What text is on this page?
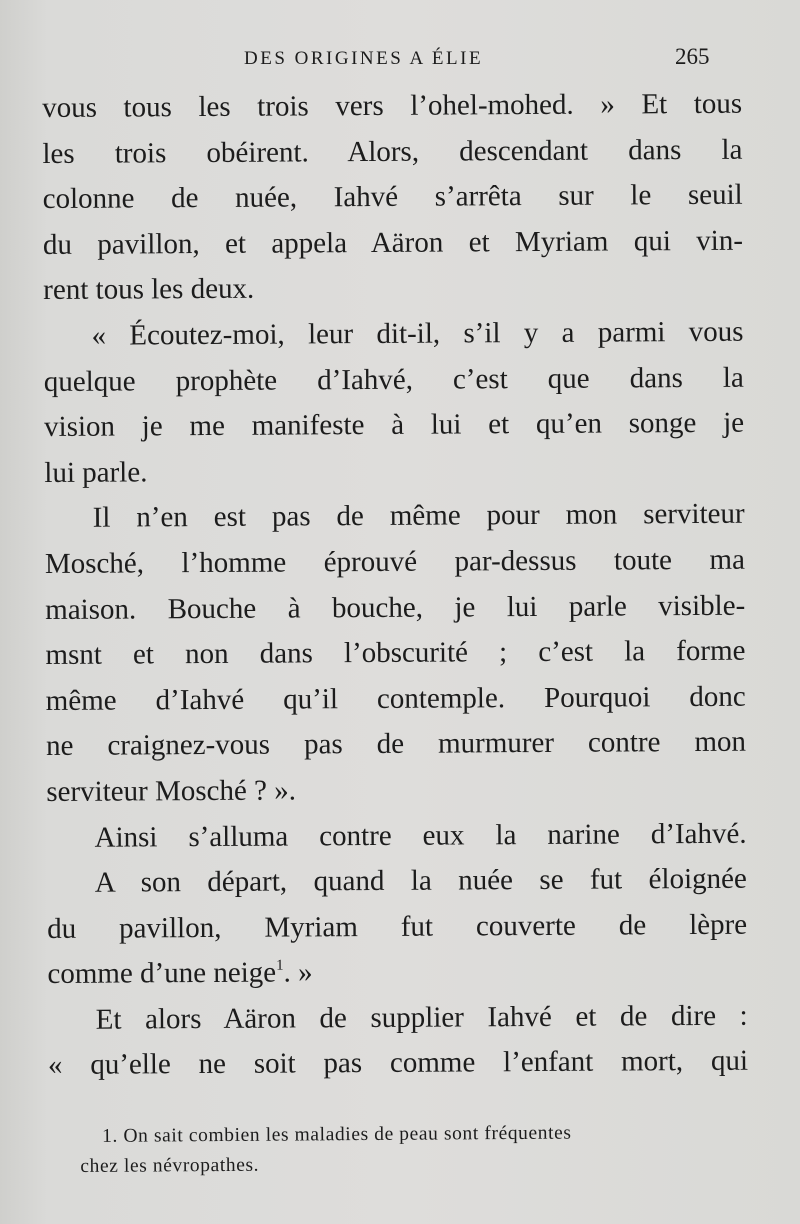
DES ORIGINES A ÉLIE	265
vous tous les trois vers l’ohel-mohed. » Et tous
les trois obéirent. Alors, descendant dans la
colonne de nuée, Iahvé s’arrêta sur le seuil
du pavillon, et appela Aäron et Myriam qui vin-
rent tous les deux.
« Écoutez-moi, leur dit-il, s’il y a parmi vous
quelque prophète d’Iahvé, c’est que dans la
vision je me manifeste à lui et qu’en songe je
lui parle.
Il n’en est pas de même pour mon serviteur
Mosché, l’homme éprouvé par-dessus toute ma
maison. Bouche à bouche, je lui parle visible-
msnt et non dans l’obscurité ; c’est la forme
même d’Iahvé qu’il contemple. Pourquoi donc
ne craignez-vous pas de murmurer contre mon
serviteur Mosché ? ».
Ainsi s’alluma contre eux la narine d’Iahvé.
A son départ, quand la nuée se fut éloignée
du pavillon, Myriam fut couverte de lèpre
comme d’une neige$^1$. »
Et alors Aäron de supplier Iahvé et de dire :
« qu’elle ne soit pas comme l’enfant mort, qui
1. On sait combien les maladies de peau sont fréquentes
chez les névropathes.
